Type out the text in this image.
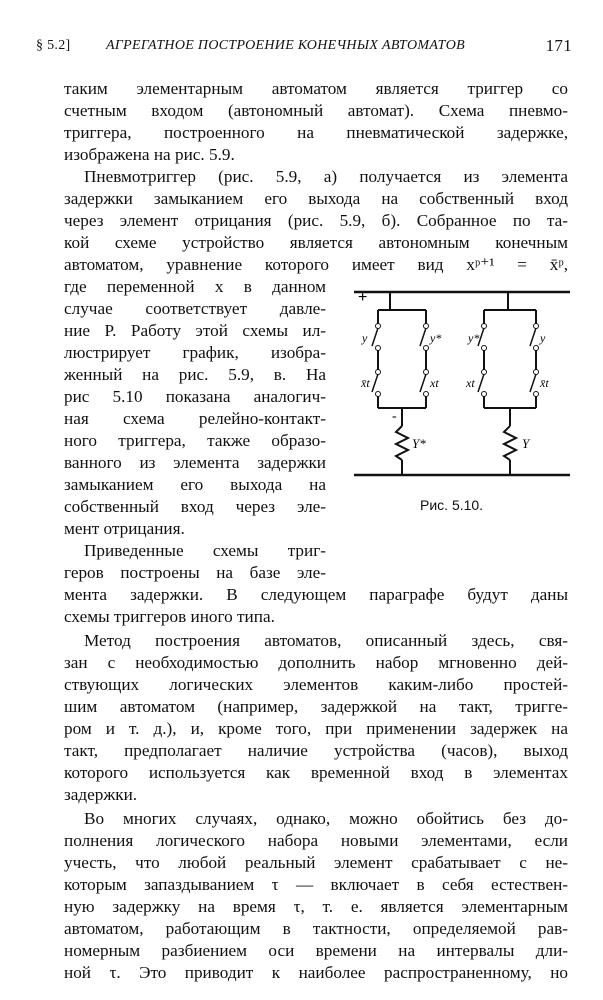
§ 5.2]	АГРЕГАТНОЕ ПОСТРОЕНИЕ КОНЕЧНЫХ АВТОМАТОВ	171
таким элементарным автоматом является триггер со
счетным входом (автономный автомат). Схема пневмо-
триггера, построенного на пневматической задержке,
изображена на рис. 5.9.
Пневмотриггер (рис. 5.9, а) получается из элемента
задержки замыканием его выхода на собственный вход
через элемент отрицания (рис. 5.9, б). Собранное по та-
кой схеме устройство является автономным конечным
автоматом, уравнение которого имеет вид xᵖ⁺¹ = x̄ᵖ,
где переменной x в данном
случае соответствует давле-
ние P. Работу этой схемы ил-
люстрирует график, изобра-
женный на рис. 5.9, в. На
рис 5.10 показана аналогич-
ная схема релейно-контакт-
ного триггера, также образо-
ванного из элемента задержки
замыканием его выхода на
собственный вход через эле-
мент отрицания.
Приведенные схемы триг-
геров построены на базе эле-
мента задержки. В следующем параграфе будут даны
схемы триггеров иного типа.
Метод построения автоматов, описанный здесь, свя-
зан с необходимостью дополнить набор мгновенно дей-
ствующих логических элементов каким-либо простей-
шим автоматом (например, задержкой на такт, тригге-
ром и т. д.), и, кроме того, при применении задержек на
такт, предполагает наличие устройства (часов), выход
которого используется как временной вход в элементах
задержки.
Во многих случаях, однако, можно обойтись без до-
полнения логического набора новыми элементами, если
учесть, что любой реальный элемент срабатывает с не-
которым запаздыванием τ — включает в себя естествен-
ную задержку на время τ, т. е. является элементарным
автоматом, работающим в тактности, определяемой рав-
номерным разбиением оси времени на интервалы дли-
ной τ. Это приводит к наиболее распространенному, но
+
y	y*
x̄t	xt
-
Y*
y*	y
xt	x̄t
Y
Рис. 5.10.
